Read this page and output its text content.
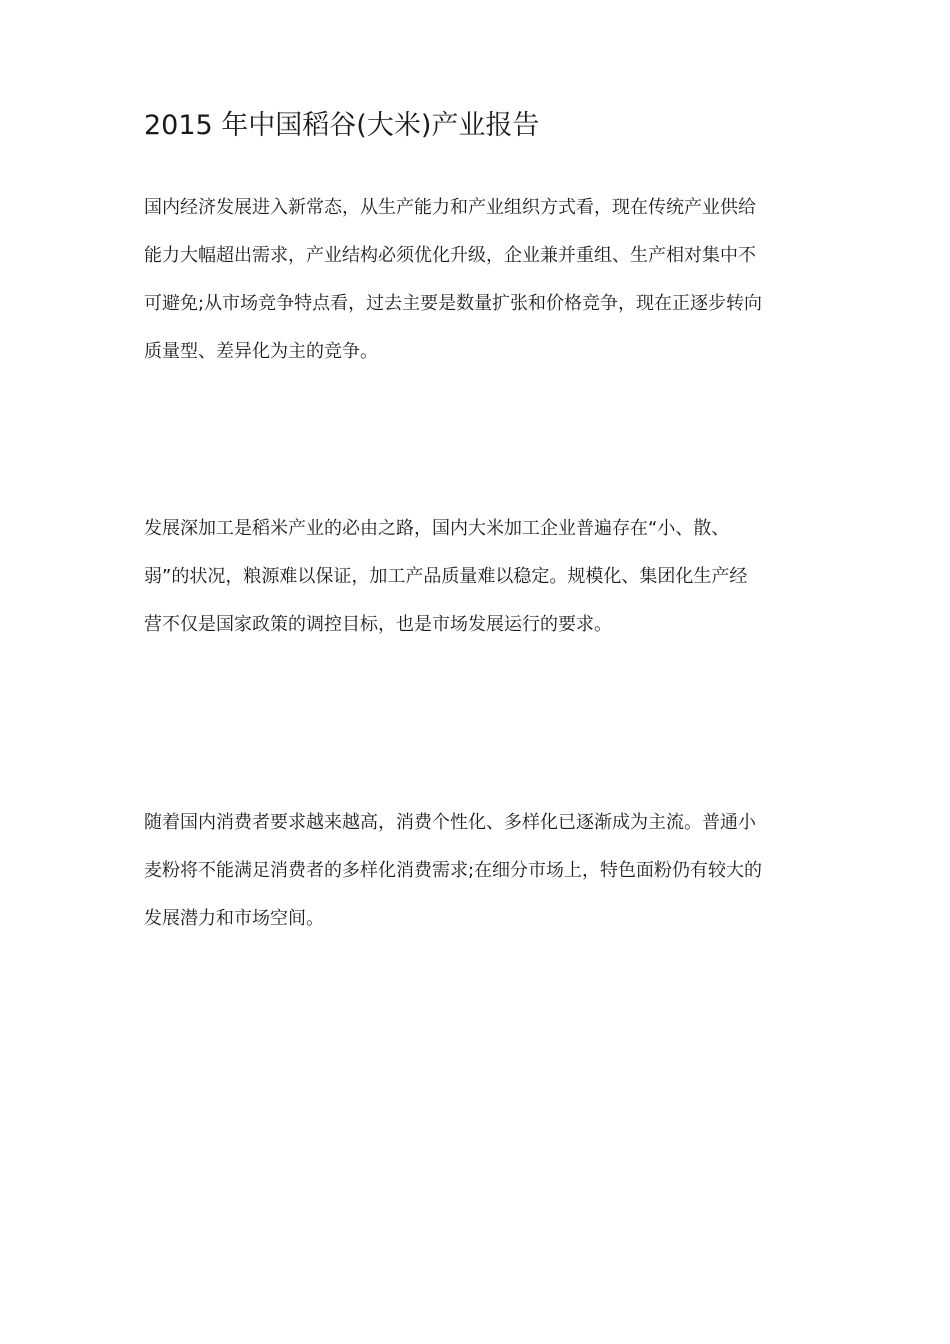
2015 年中国稻谷(大米)产业报告

国内经济发展进入新常态，从生产能力和产业组织方式看，现在传统产业供给
能力大幅超出需求，产业结构必须优化升级，企业兼并重组、生产相对集中不
可避免;从市场竞争特点看，过去主要是数量扩张和价格竞争，现在正逐步转向
质量型、差异化为主的竞争。

发展深加工是稻米产业的必由之路，国内大米加工企业普遍存在“小、散、
弱”的状况，粮源难以保证，加工产品质量难以稳定。规模化、集团化生产经
营不仅是国家政策的调控目标，也是市场发展运行的要求。

随着国内消费者要求越来越高，消费个性化、多样化已逐渐成为主流。普通小
麦粉将不能满足消费者的多样化消费需求;在细分市场上，特色面粉仍有较大的
发展潜力和市场空间。
